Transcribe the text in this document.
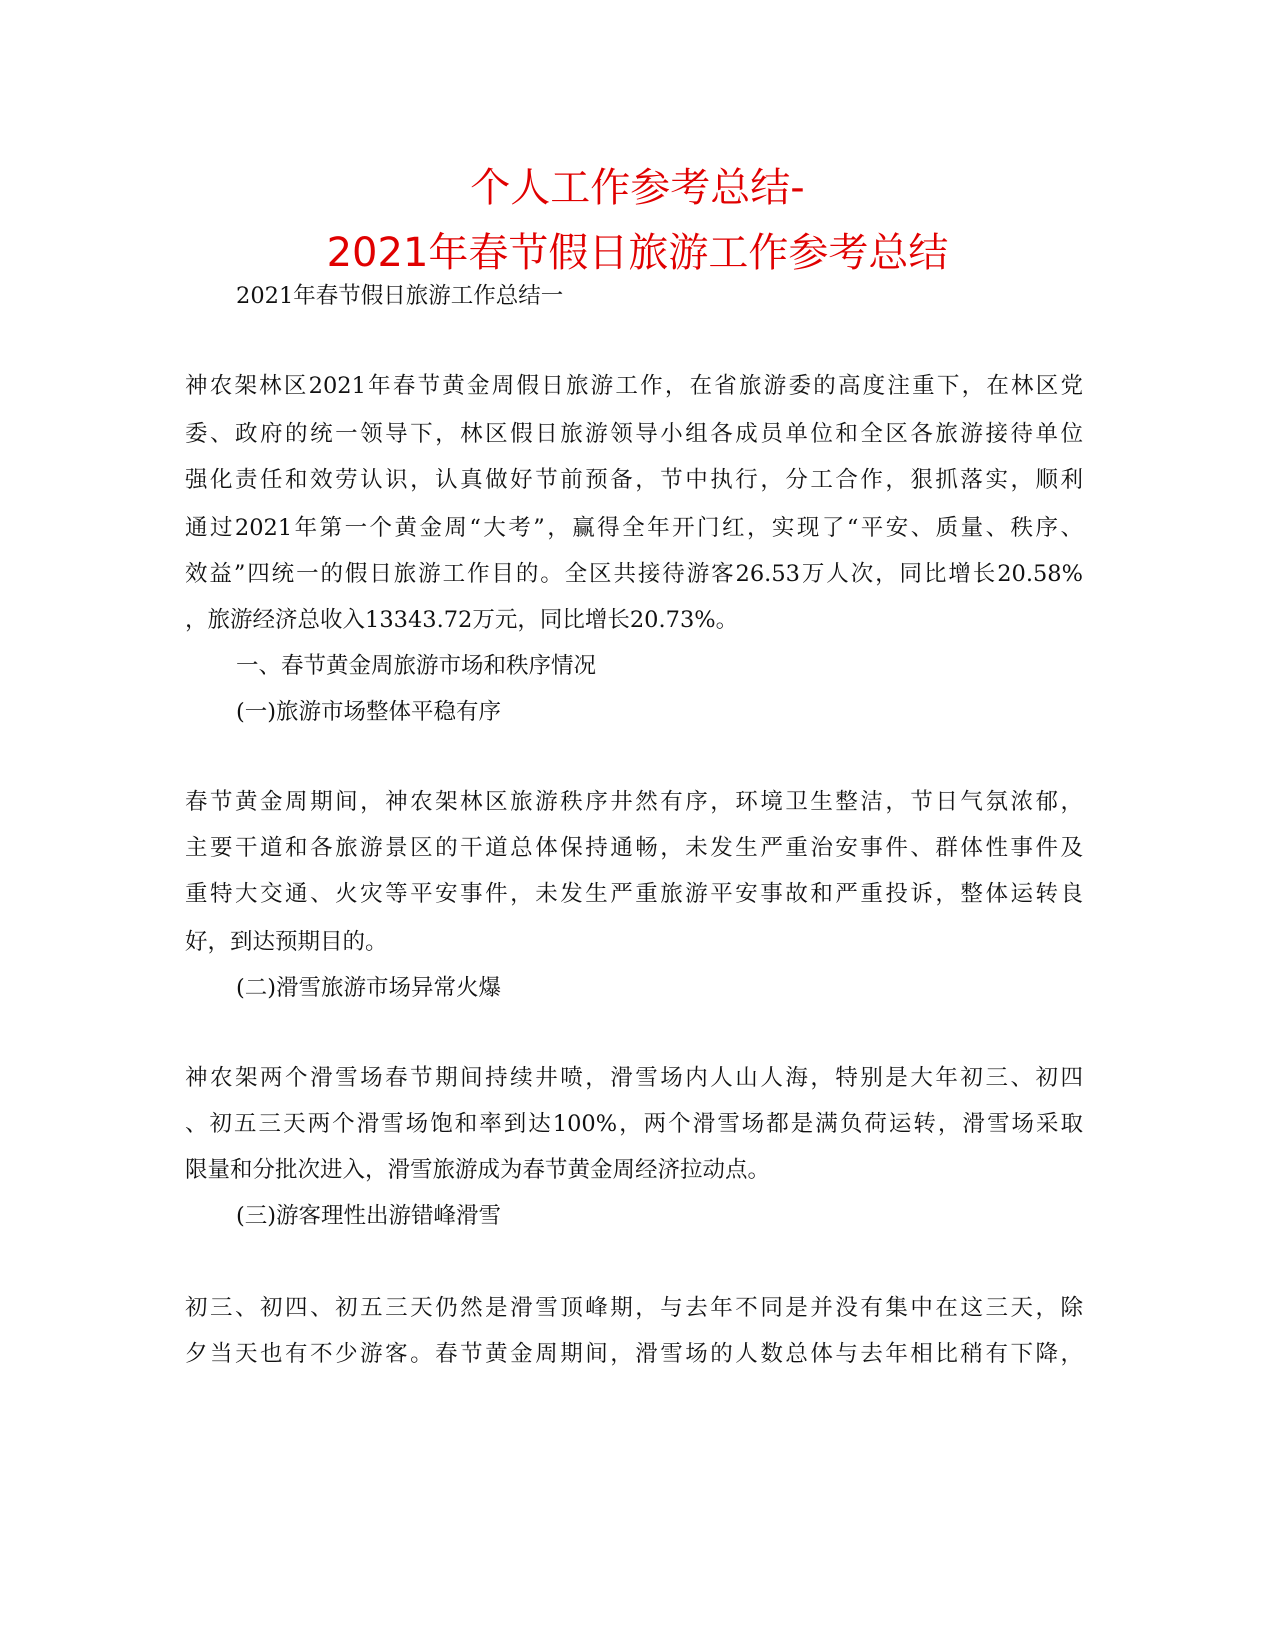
个人工作参考总结-
2021年春节假日旅游工作参考总结
2021年春节假日旅游工作总结一
神农架林区2021年春节黄金周假日旅游工作，在省旅游委的高度注重下，在林区党
委、政府的统一领导下，林区假日旅游领导小组各成员单位和全区各旅游接待单位
强化责任和效劳认识，认真做好节前预备，节中执行，分工合作，狠抓落实，顺利
通过2021年第一个黄金周“大考”，赢得全年开门红，实现了“平安、质量、秩序、
效益”四统一的假日旅游工作目的。全区共接待游客26.53万人次，同比增长20.58%
，旅游经济总收入13343.72万元，同比增长20.73%。
一、春节黄金周旅游市场和秩序情况
(一)旅游市场整体平稳有序
春节黄金周期间，神农架林区旅游秩序井然有序，环境卫生整洁，节日气氛浓郁，
主要干道和各旅游景区的干道总体保持通畅，未发生严重治安事件、群体性事件及
重特大交通、火灾等平安事件，未发生严重旅游平安事故和严重投诉，整体运转良
好，到达预期目的。
(二)滑雪旅游市场异常火爆
神农架两个滑雪场春节期间持续井喷，滑雪场内人山人海，特别是大年初三、初四
、初五三天两个滑雪场饱和率到达100%，两个滑雪场都是满负荷运转，滑雪场采取
限量和分批次进入，滑雪旅游成为春节黄金周经济拉动点。
(三)游客理性出游错峰滑雪
初三、初四、初五三天仍然是滑雪顶峰期，与去年不同是并没有集中在这三天，除
夕当天也有不少游客。春节黄金周期间，滑雪场的人数总体与去年相比稍有下降，
